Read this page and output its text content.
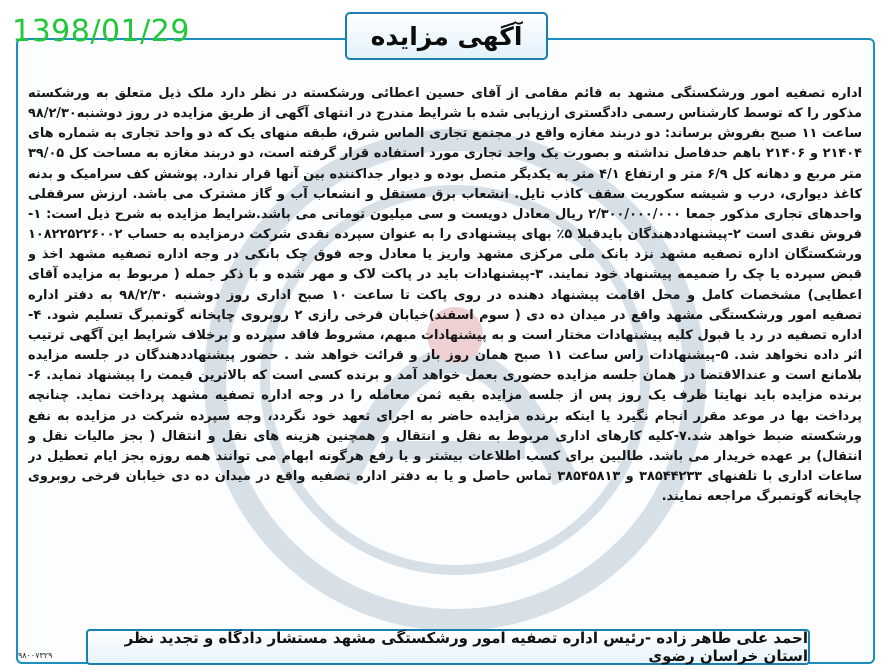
1398/01/29	آگهی مزایده

اداره تصفیه امور ورشکستگی مشهد به قائم مقامی از آقای حسین اعطائی ورشکسته در نظر دارد ملک ذیل متعلق به ورشکسته مذکور را که توسط کارشناس رسمی دادگستری ارزیابی شده با شرایط مندرج در انتهای آگهی از طریق مزایده در روز دوشنبه۹۸/۲/۳۰ ساعت ۱۱ صبح بفروش برساند: دو دربند مغازه واقع در مجتمع تجاری الماس شرق، طبقه منهای یک که دو واحد تجاری به شماره های ۲۱۴۰۴ و ۲۱۴۰۶ باهم حدفاصل نداشته و بصورت یک واحد تجاری مورد استفاده قرار گرفته است، دو دربند مغازه به مساحت کل ۳۹/۰۵ متر مربع و دهانه کل ۶/۹ متر و ارتفاع ۴/۱ متر به یکدیگر متصل بوده و دیوار جداکننده بین آنها قرار ندارد. پوشش کف سرامیک و بدنه کاغذ دیواری، درب و شیشه سکوریت سقف کاذب تایل. انشعاب برق مستقل و انشعاب آب و گاز مشترک می باشد. ارزش سرقفلی واحدهای تجاری مذکور جمعا ۲/۳۰۰/۰۰۰/۰۰۰ ریال معادل دویست و سی میلیون تومانی می باشد.شرایط مزایده به شرح ذیل است: ۱- فروش نقدی است ۲-پیشنهاددهندگان بایدقبلا ۵٪ بهای پیشنهادی را به عنوان سپرده نقدی شرکت درمزایده به حساب ۱۰۸۲۲۵۲۲۶۰۰۲ ورشکستگان اداره تصفیه مشهد نزد بانک ملی مرکزی مشهد واریز یا معادل وجه فوق چک بانکی در وجه اداره تصفیه مشهد اخذ و قبض سپرده یا چک را ضمیمه پیشنهاد خود نمایند. ۳-پیشنهادات باید در پاکت لاک و مهر شده و با ذکر جمله ( مربوط به مزایده آقای اعطایی) مشخصات کامل و محل اقامت پیشنهاد دهنده در روی پاکت تا ساعت ۱۰ صبح اداری روز دوشنبه ۹۸/۲/۳۰ به دفتر اداره تصفیه امور ورشکستگی مشهد واقع در میدان ده دی ( سوم اسفند)خیابان فرخی رازی ۲ روبروی چاپخانه گوتمبرگ تسلیم شود. ۴-اداره تصفیه در رد یا قبول کلیه پیشنهادات مختار است و به پیشنهادات مبهم، مشروط فاقد سپرده و برخلاف شرایط این آگهی ترتیب اثر داده نخواهد شد. ۵-پیشنهادات راس ساعت ۱۱ صبح همان روز باز و قرائت خواهد شد . حضور پیشنهاددهندگان در جلسه مزایده بلامانع است و عندالاقتضا در همان جلسه مزایده حضوری بعمل خواهد آمد و برنده کسی است که بالاترین قیمت را پیشنهاد نماید. ۶-برنده مزایده باید نهایتا ظرف یک روز پس از جلسه مزایده بقیه ثمن معامله را در وجه اداره تصفیه مشهد پرداخت نماید. چنانچه پرداخت بها در موعد مقرر انجام نگیرد یا اینکه برنده مزایده حاضر به اجرای تعهد خود نگردد، وجه سپرده شرکت در مزایده به نفع ورشکسته ضبط خواهد شد.۷-کلیه کارهای اداری مربوط به نقل و انتقال و همچنین هزینه های نقل و انتقال ( بجز مالیات نقل و انتقال) بر عهده خریدار می باشد. طالبین برای کسب اطلاعات بیشتر و یا رفع هرگونه ابهام می توانند همه روزه بجز ایام تعطیل در ساعات اداری با تلفنهای ۳۸۵۴۴۲۳۳ و ۳۸۵۴۵۸۱۳ تماس حاصل و یا به دفتر اداره تصفیه واقع در میدان ده دی خیابان فرخی روبروی چاپخانه گوتمبرگ مراجعه نمایند.

احمد علی طاهر زاده -رئیس اداره تصفیه امور ورشکستگی مشهد مستشار دادگاه و تجدید نظر استان خراسان رضوی
۹۸۰۰۷۳۲۹
